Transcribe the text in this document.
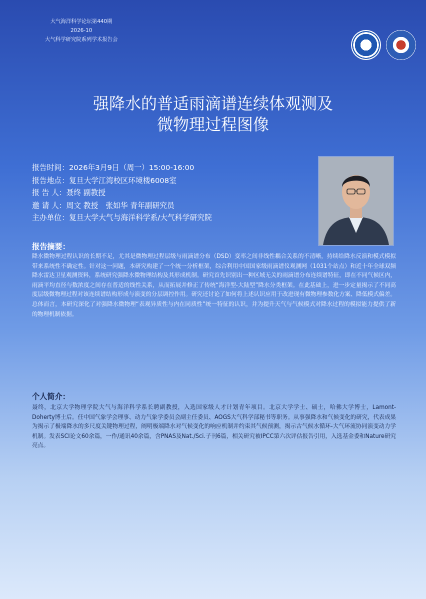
大气海洋科学论坛第440期
2026-10
大气科学研究院系列学术报告会
强降水的普适雨滴谱连续体观测及
微物理过程图像
报告时间：2026年3月9日（周一）15:00-16:00
报告地点：复旦大学江湾校区环境楼6008室
报 告 人：聂终 副教授
邀 请 人：周文 教授　张如华 青年副研究员
主办单位：复旦大学大气与海洋科学系/大气科学研究院
报告摘要：
降水微物理过程认识的长期不足，尤其是微物理过程层级与雨滴谱分布（DSD）变率之间非线性耦合关系的不清晰，持续给降水反演和模式模拟带来系统性不确定性。针对这一问题，本研究构建了一个统一分析框架，综合利用中国国家级雨滴谱仪观测网（1031个站点）和近十年全球双频降水雷达卫星观测资料，系统研究强降水微物理结构及其形成机制。研究首先识别出一种区域无关的雨滴谱分布连续谱特征，即在不同气候区内，雨滴平均直径与数浓度之间存在普适的线性关系，从而拓展并修正了传统“海洋型-大陆型”降水分类框架。在此基础上，进一步定量揭示了不同高度层级微物理过程对该连续谱结构形成与演变的分层调控作用。研究还讨论了如何将上述认识应用于改进现有微物理参数化方案、降低模式偏差。总体而言，本研究深化了对强降水微物理“表观异质性与内在同质性”统一特征的认识，并为提升天气与气候模式对降水过程的模拟能力提供了新的物理机制依据。
个人简介：
聂终，北京大学物理学院大气与海洋科学系长聘副教授，入选国家级人才计划青年项目。北京大学学士、硕士，哈佛大学博士，Lamont-Doherty博士后。任中国气象学会理事、动力气象学委员会副主任委员、AOGS大气科学部秘书等职务。从事强降水和气候变化的研究，代表成果为揭示了极端降水的多尺度关键物理过程，阐明极端降水对气候变化的响应机制并约束其气候预测，揭示古气候水循环-大气环流协同演变动力学机制。发表SCI论文60余篇，一作/通讯40余篇，含PNAS及Nat./Sci.子刊6篇，相关研究被IPCC第六次评估报告引用，入选基金委和Nature研究亮点。
